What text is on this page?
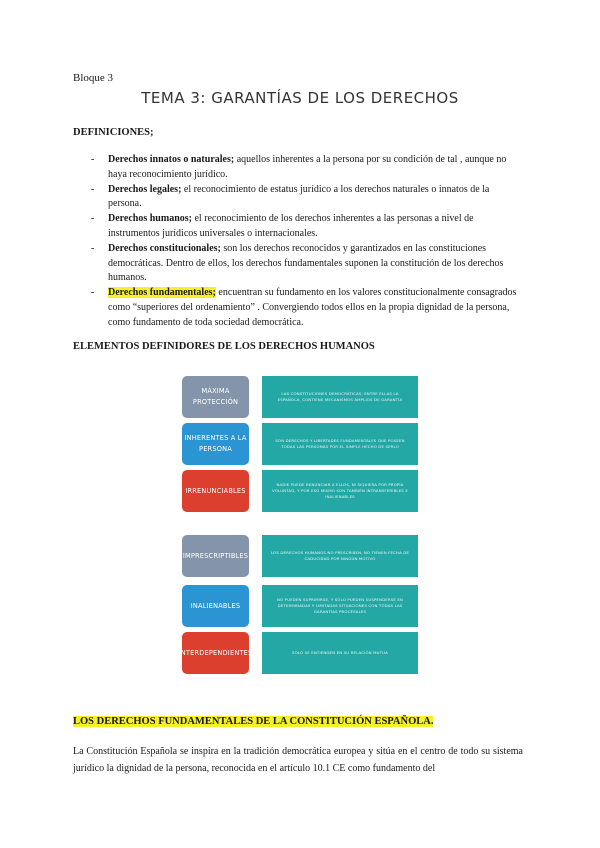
Bloque 3
TEMA 3: GARANTÍAS DE LOS DERECHOS
DEFINICIONES;
- Derechos innatos o naturales; aquellos inherentes a la persona por su condición de tal , aunque no haya reconocimiento jurídico.
- Derechos legales; el reconocimiento de estatus jurídico a los derechos naturales o innatos de la persona.
- Derechos humanos; el reconocimiento de los derechos inherentes a las personas a nivel de instrumentos jurídicos universales o internacionales.
- Derechos constitucionales; son los derechos reconocidos y garantizados en las constituciones democráticas. Dentro de ellos, los derechos fundamentales suponen la constitución de los derechos humanos.
- Derechos fundamentales; encuentran su fundamento en los valores constitucionalmente consagrados como “superiores del ordenamiento” . Convergiendo todos ellos en la propia dignidad de la persona, como fundamento de toda sociedad democrática.
ELEMENTOS DEFINIDORES DE LOS DERECHOS HUMANOS
MÁXIMA PROTECCIÓN
LAS CONSTITUCIONES DEMOCRÁTICAS, ENTRE ELLAS LA ESPAÑOLA, CONTIENE MECANISMOS AMPLIOS DE GARANTÍA
INHERENTES A LA PERSONA
SON DERECHOS Y LIBERTADES FUNDAMENTALES QUE POSEEN TODAS LAS PERSONAS POR EL SIMPLE HECHO DE SERLO
IRRENUNCIABLES
NADIE PUEDE RENUNCIAR A ELLOS, NI SIQUIERA POR PROPIA VOLUNTAD, Y POR ESO MISMO SON TAMBIÉN INTRANSFERIBLES E INALIENABLES
IMPRESCRIPTIBLES	LOS DERECHOS HUMANOS NO PRESCRIBEN, NO TIENEN FECHA DE CADUCIDAD POR NINGÚN MOTIVO
INALIENABLES
NO PUEDEN SUPRIMIRSE, Y SÓLO PUEDEN SUSPENDERSE EN DETERMINADAS Y LIMITADAS SITUACIONES CON TODAS LAS GARANTÍAS PROCESALES
INTERDEPENDIENTES	SOLO SE ENTIENDEN EN SU RELACIÓN MUTUA
LOS DERECHOS FUNDAMENTALES DE LA CONSTITUCIÓN ESPAÑOLA.
La Constitución Española se inspira en la tradición democrática europea y sitúa en el centro de todo su sistema jurídico la dignidad de la persona, reconocida en el artículo 10.1 CE como fundamento del
